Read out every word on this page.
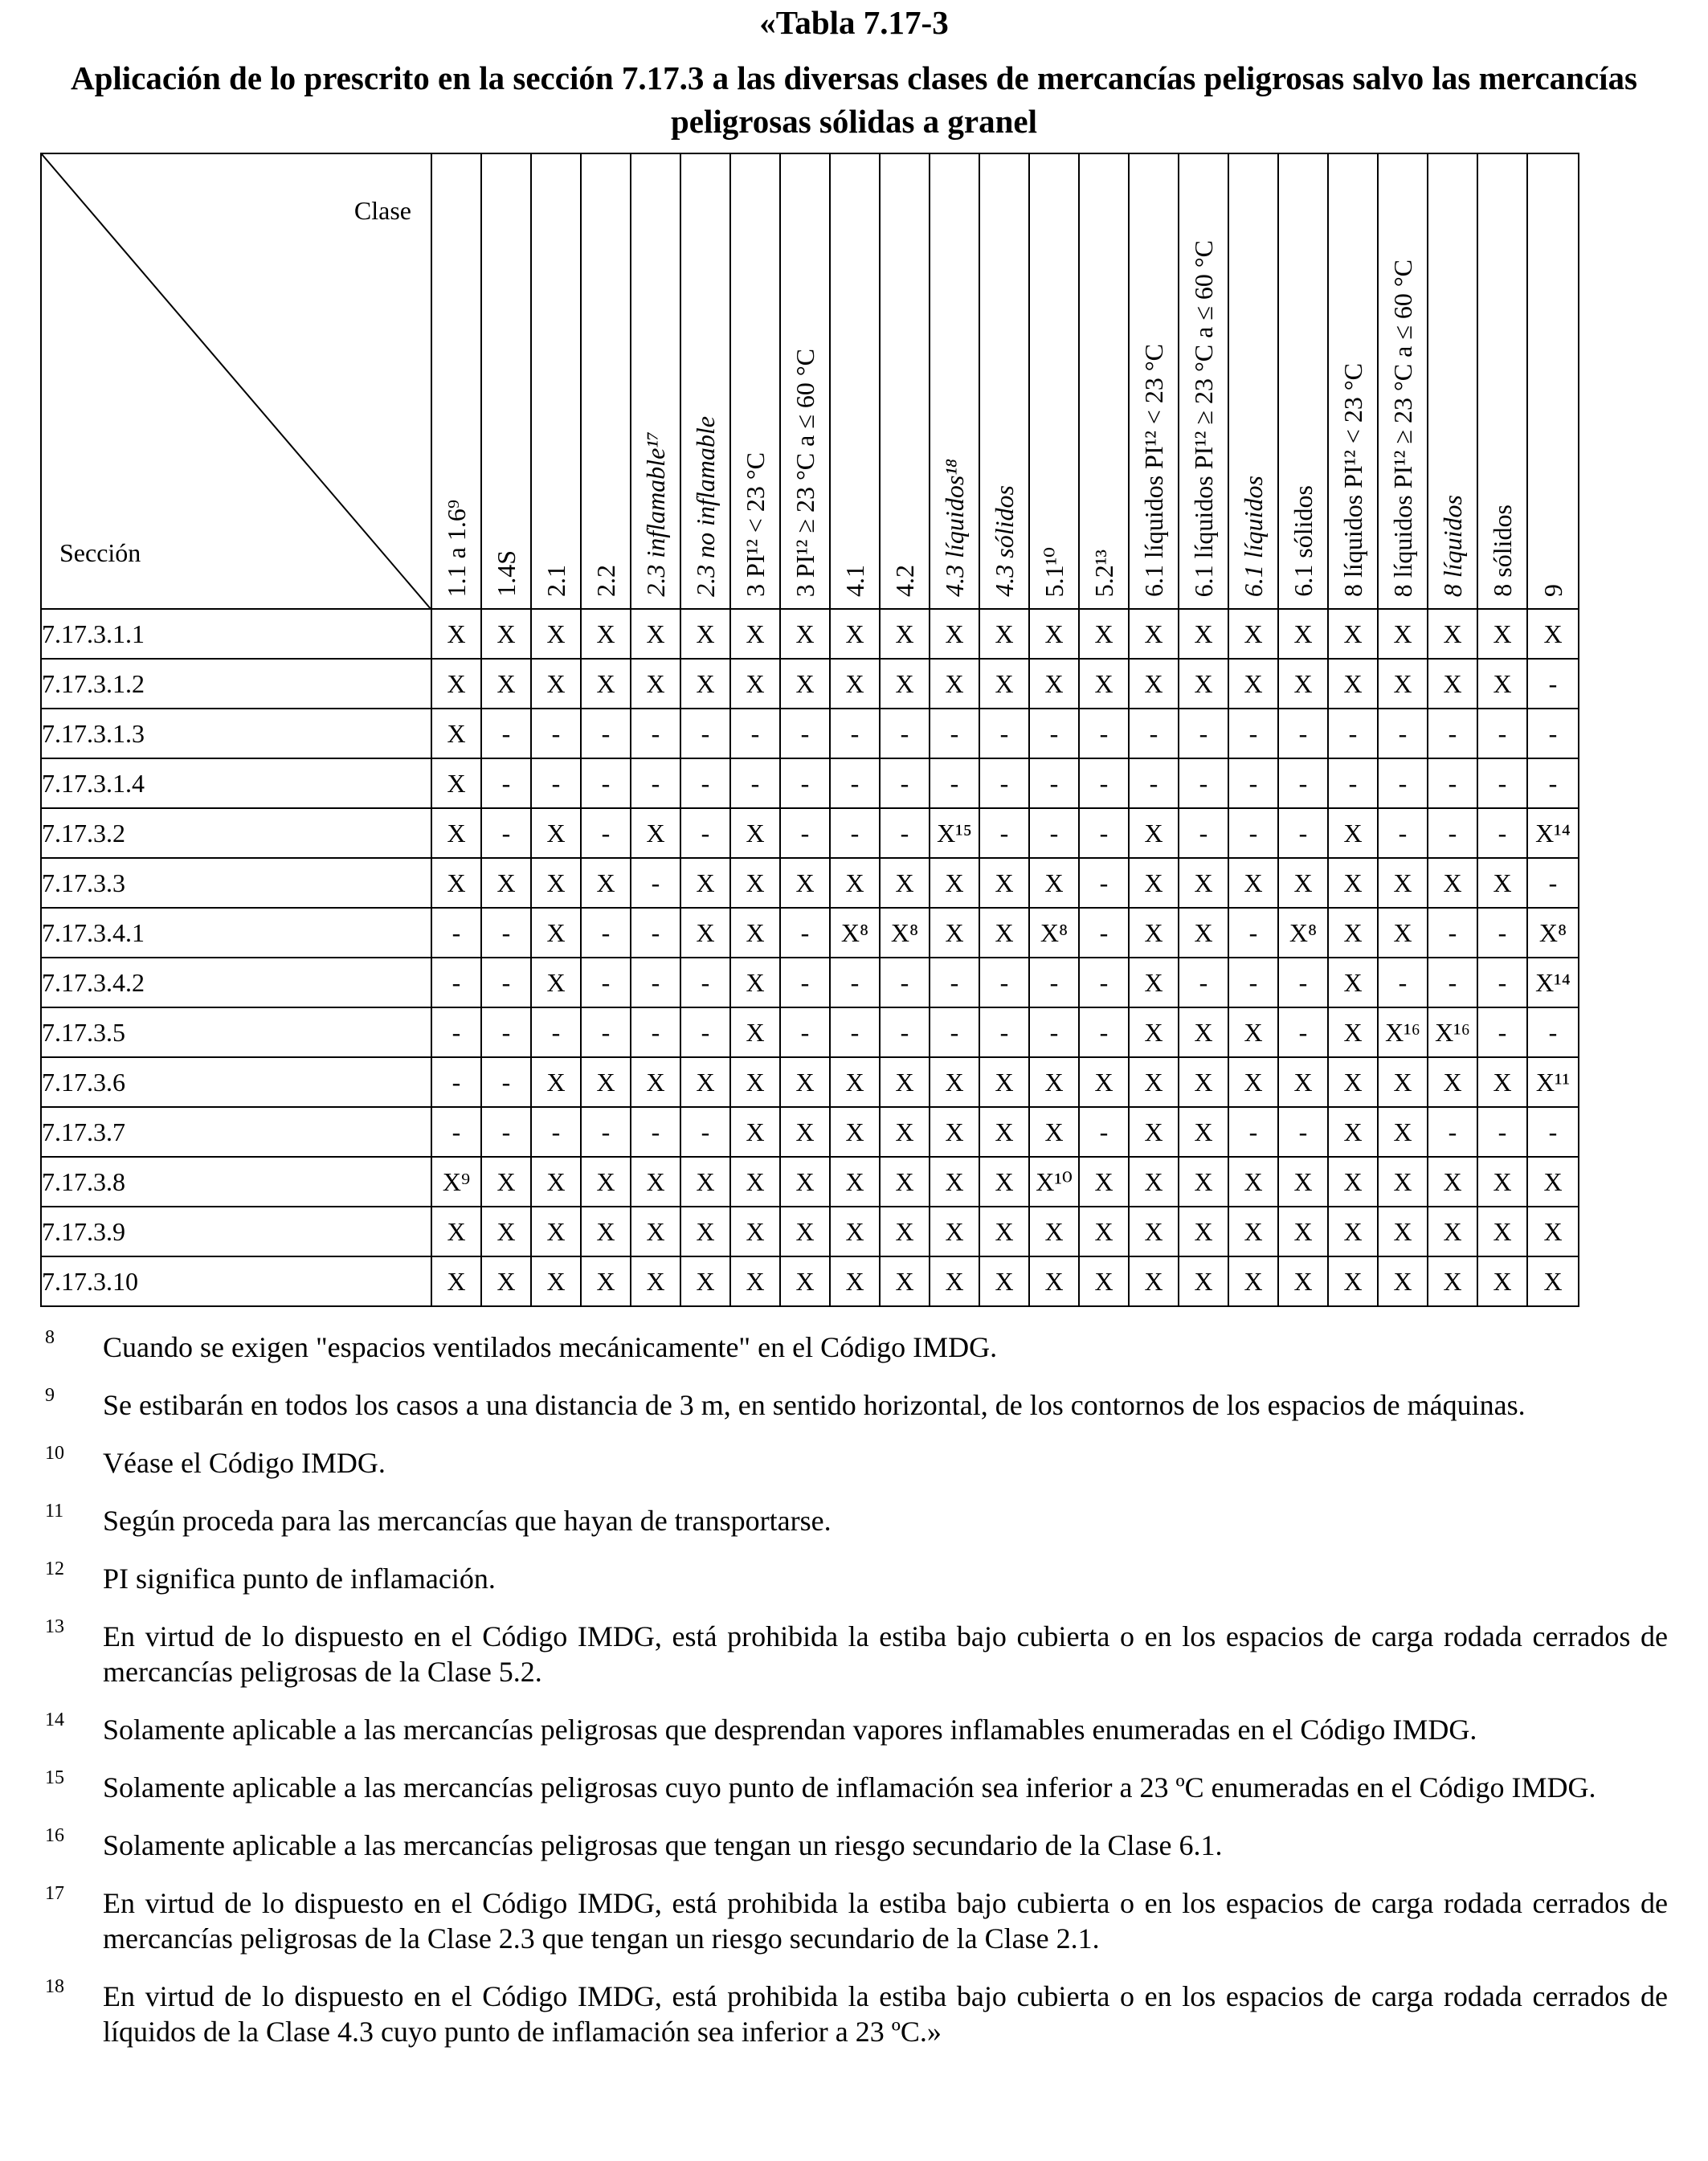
«Tabla 7.17-3
Aplicación de lo prescrito en la sección 7.17.3 a las diversas clases de mercancías peligrosas salvo las mercancías peligrosas sólidas a granel
Clase
Sección	1.1 a 1.6⁹	1.4S	2.1	2.2	2.3 inflamable¹⁷	2.3 no inflamable	3 PI¹² < 23 °C	3 PI¹² ≥ 23 °C a ≤ 60 °C	4.1	4.2	4.3 líquidos¹⁸	4.3 sólidos	5.1¹⁰	5.2¹³	6.1 líquidos PI¹² < 23 °C	6.1 líquidos PI¹² ≥ 23 °C a ≤ 60 °C	6.1 líquidos	6.1 sólidos	8 líquidos PI¹² < 23 °C	8 líquidos PI¹² ≥ 23 °C a ≤ 60 °C	8 líquidos	8 sólidos	9

7.17.3.1.1	X	X	X	X	X	X	X	X	X	X	X	X	X	X	X	X	X	X	X	X	X	X	X
7.17.3.1.2	X	X	X	X	X	X	X	X	X	X	X	X	X	X	X	X	X	X	X	X	X	X	-
7.17.3.1.3	X	-	-	-	-	-	-	-	-	-	-	-	-	-	-	-	-	-	-	-	-	-	-
7.17.3.1.4	X	-	-	-	-	-	-	-	-	-	-	-	-	-	-	-	-	-	-	-	-	-	-
7.17.3.2	X	-	X	-	X	-	X	-	-	-	X¹⁵	-	-	-	X	-	-	-	X	-	-	-	X¹⁴
7.17.3.3	X	X	X	X	-	X	X	X	X	X	X	X	X	-	X	X	X	X	X	X	X	X	-
7.17.3.4.1	-	-	X	-	-	X	X	-	X⁸	X⁸	X	X	X⁸	-	X	X	-	X⁸	X	X	-	-	X⁸
7.17.3.4.2	-	-	X	-	-	-	X	-	-	-	-	-	-	-	X	-	-	-	X	-	-	-	X¹⁴
7.17.3.5	-	-	-	-	-	-	X	-	-	-	-	-	-	-	X	X	X	-	X	X¹⁶	X¹⁶	-	-
7.17.3.6	-	-	X	X	X	X	X	X	X	X	X	X	X	X	X	X	X	X	X	X	X	X	X¹¹
7.17.3.7	-	-	-	-	-	-	X	X	X	X	X	X	X	-	X	X	-	-	X	X	-	-	-
7.17.3.8	X⁹	X	X	X	X	X	X	X	X	X	X	X	X¹⁰	X	X	X	X	X	X	X	X	X	X
7.17.3.9	X	X	X	X	X	X	X	X	X	X	X	X	X	X	X	X	X	X	X	X	X	X	X
7.17.3.10	X	X	X	X	X	X	X	X	X	X	X	X	X	X	X	X	X	X	X	X	X	X	X
8 Cuando se exigen "espacios ventilados mecánicamente" en el Código IMDG.
9 Se estibarán en todos los casos a una distancia de 3 m, en sentido horizontal, de los contornos de los espacios de máquinas.
10 Véase el Código IMDG.
11 Según proceda para las mercancías que hayan de transportarse.
12 PI significa punto de inflamación.
13 En virtud de lo dispuesto en el Código IMDG, está prohibida la estiba bajo cubierta o en los espacios de carga rodada cerrados de mercancías peligrosas de la Clase 5.2.
14 Solamente aplicable a las mercancías peligrosas que desprendan vapores inflamables enumeradas en el Código IMDG.
15 Solamente aplicable a las mercancías peligrosas cuyo punto de inflamación sea inferior a 23 ºC enumeradas en el Código IMDG.
16 Solamente aplicable a las mercancías peligrosas que tengan un riesgo secundario de la Clase 6.1.
17 En virtud de lo dispuesto en el Código IMDG, está prohibida la estiba bajo cubierta o en los espacios de carga rodada cerrados de mercancías peligrosas de la Clase 2.3 que tengan un riesgo secundario de la Clase 2.1.
18 En virtud de lo dispuesto en el Código IMDG, está prohibida la estiba bajo cubierta o en los espacios de carga rodada cerrados de líquidos de la Clase 4.3 cuyo punto de inflamación sea inferior a 23 ºC.»
